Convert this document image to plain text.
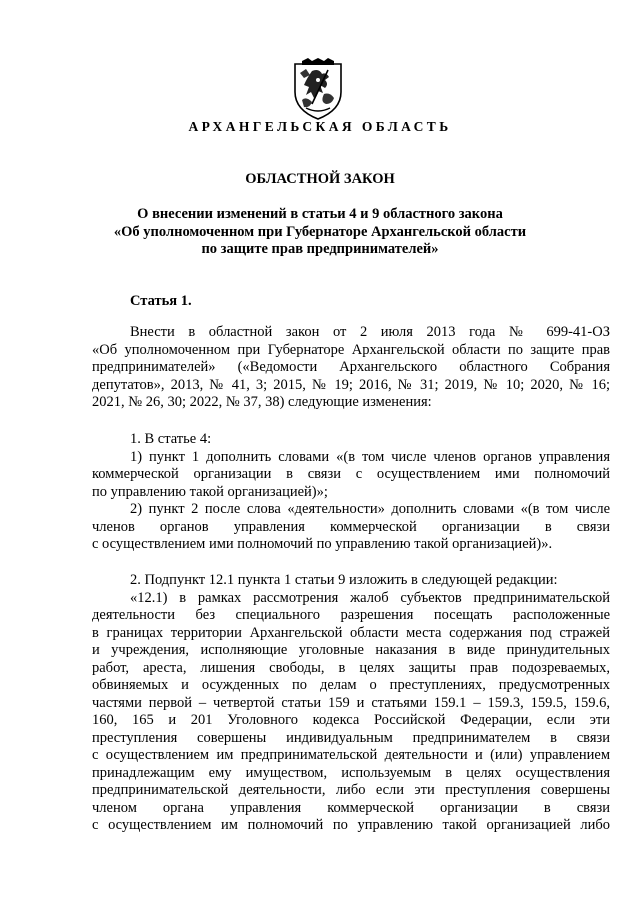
АРХАНГЕЛЬСКАЯ ОБЛАСТЬ
ОБЛАСТНОЙ ЗАКОН
О внесении изменений в статьи 4 и 9 областного закона
«Об уполномоченном при Губернаторе Архангельской области
по защите прав предпринимателей»
Статья 1.

Внести в областной закон от 2 июля 2013 года № 699-41-ОЗ

«Об уполномоченном при Губернаторе Архангельской области по защите прав

предпринимателей» («Ведомости Архангельского областного Собрания

депутатов», 2013, № 41, 3; 2015, № 19; 2016, № 31; 2019, № 10; 2020, № 16;

2021, № 26, 30; 2022, № 37, 38) следующие изменения:

1. В статье 4:

1) пункт 1 дополнить словами «(в том числе членов органов управления

коммерческой организации в связи с осуществлением ими полномочий

по управлению такой организацией)»;

2) пункт 2 после слова «деятельности» дополнить словами «(в том числе

членов органов управления коммерческой организации в связи

с осуществлением ими полномочий по управлению такой организацией)».

2. Подпункт 12.1 пункта 1 статьи 9 изложить в следующей редакции:

«12.1) в рамках рассмотрения жалоб субъектов предпринимательской

деятельности без специального разрешения посещать расположенные

в границах территории Архангельской области места содержания под стражей

и учреждения, исполняющие уголовные наказания в виде принудительных

работ, ареста, лишения свободы, в целях защиты прав подозреваемых,

обвиняемых и осужденных по делам о преступлениях, предусмотренных

частями первой – четвертой статьи 159 и статьями 159.1 – 159.3, 159.5, 159.6,

160, 165 и 201 Уголовного кодекса Российской Федерации, если эти

преступления совершены индивидуальным предпринимателем в связи

с осуществлением им предпринимательской деятельности и (или) управлением

принадлежащим ему имуществом, используемым в целях осуществления

предпринимательской деятельности, либо если эти преступления совершены

членом органа управления коммерческой организации в связи

с осуществлением им полномочий по управлению такой организацией либо
